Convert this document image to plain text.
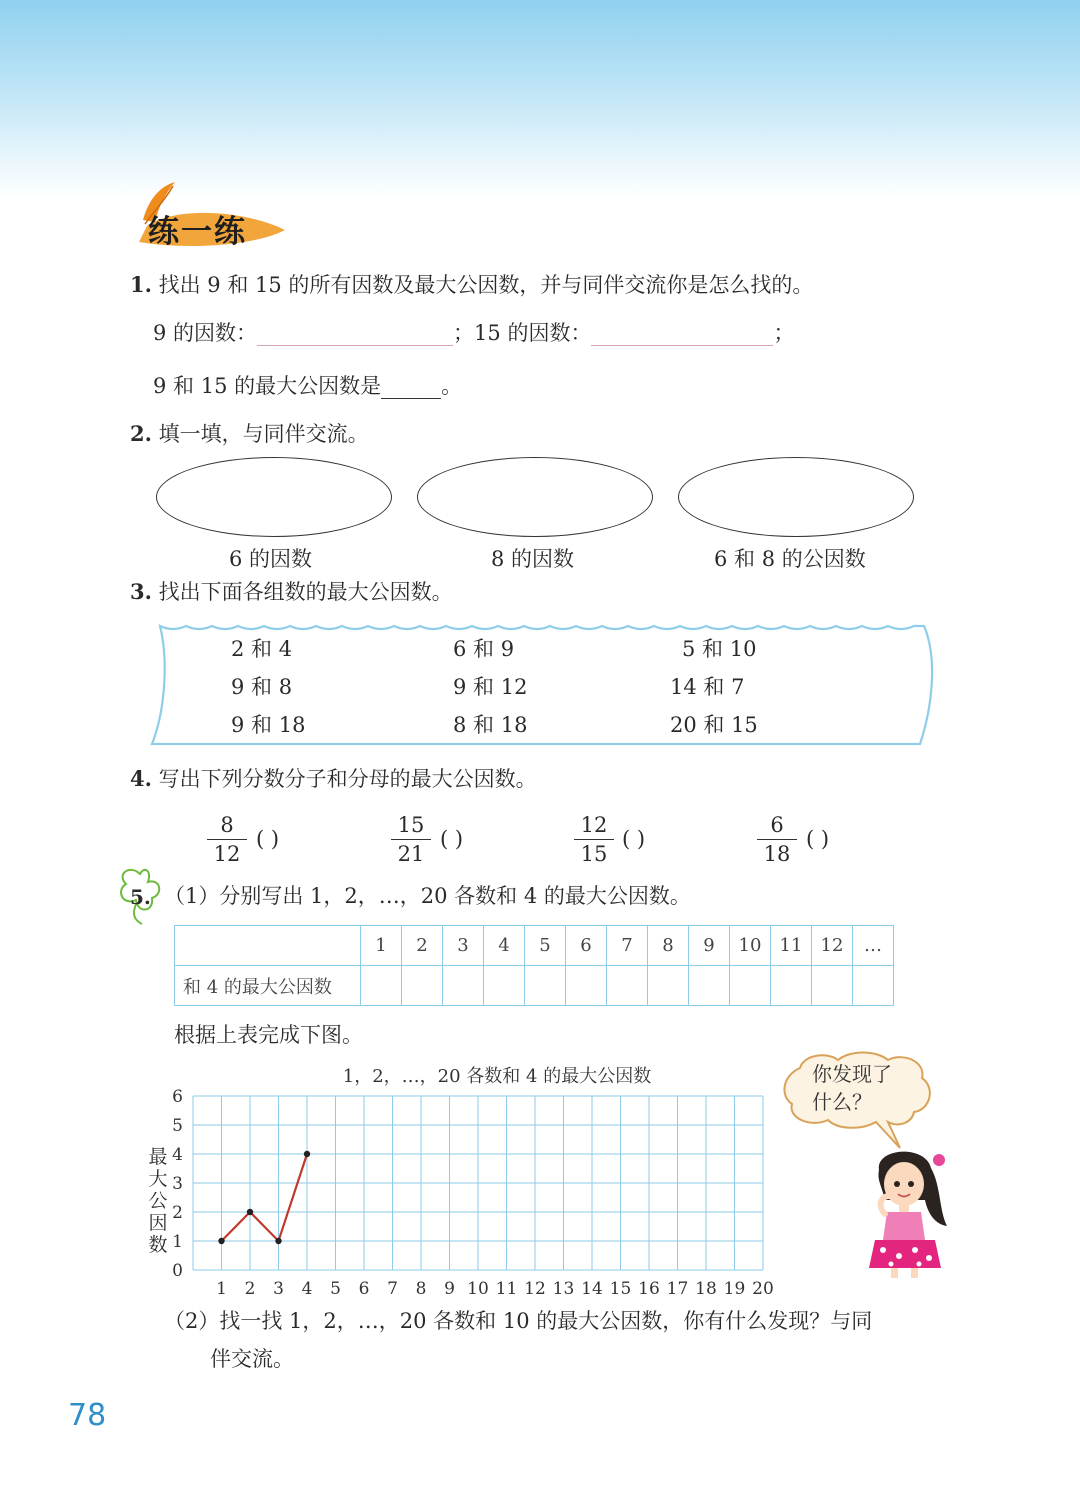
练一练
1. 找出 9 和 15 的所有因数及最大公因数，并与同伴交流你是怎么找的。
9 的因数：	；15 的因数：	；
9 和 15 的最大公因数是	。
2. 填一填，与同伴交流。
6 的因数	8 的因数	6 和 8 的公因数
3. 找出下面各组数的最大公因数。
2 和 4	6 和 9	5 和 10
9 和 8	9 和 12	14 和 7
9 和 18	8 和 18	20 和 15
4. 写出下列分数分子和分母的最大公因数。
$\frac{8}{12}$ ( )	$\frac{15}{21}$ ( )	$\frac{12}{15}$ ( )	$\frac{6}{18}$ ( )
5. （1）分别写出 1，2，…，20 各数和 4 的最大公因数。
	1	2	3	4	5	6	7	8	9	10	11	12	…
和 4 的最大公因数													
根据上表完成下图。
1，2，…，20 各数和 4 的最大公因数
1 2 3 4 5 6 7 8 9 10 11 12 13 14 15 16 17 18 19 20
0
1
2
3
4
5
6
最大公因数
你发现了
什么？
（2）找一找 1，2，…，20 各数和 10 的最大公因数，你有什么发现？与同
伴交流。
78
